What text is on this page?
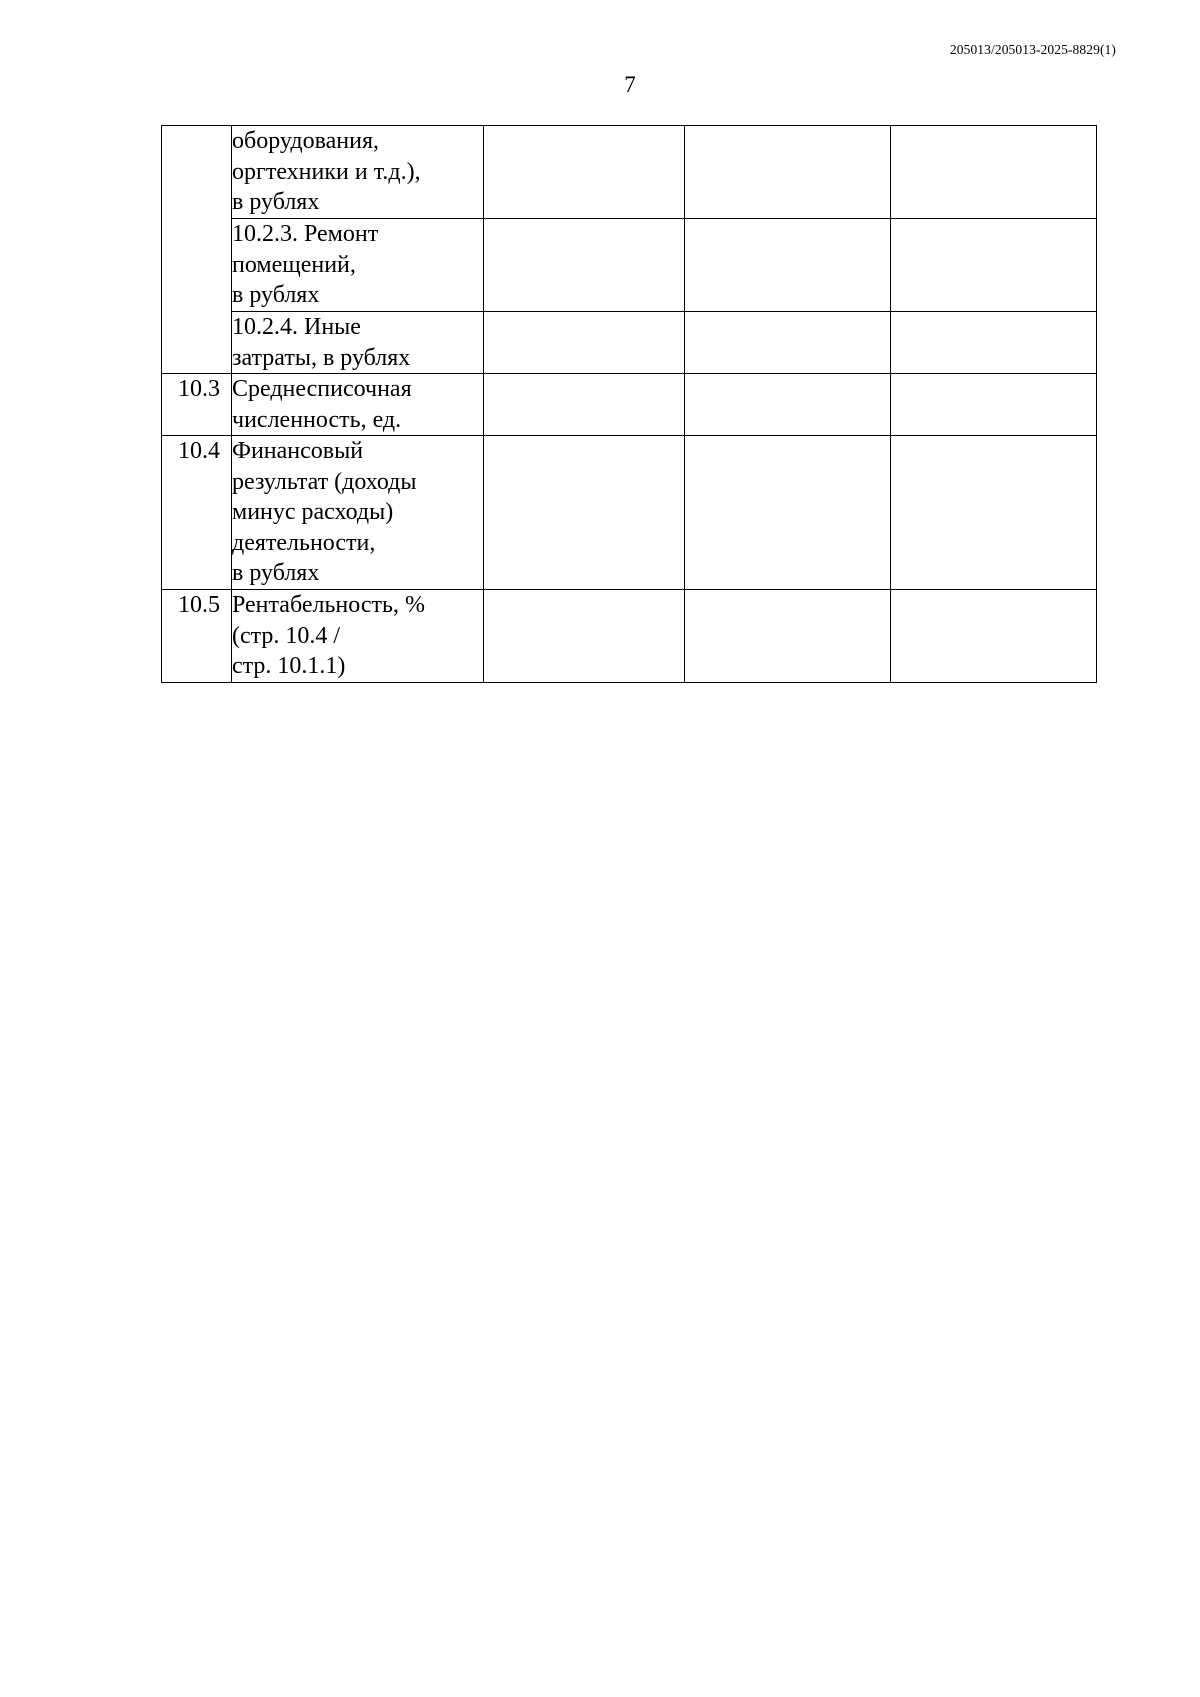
205013/205013-2025-8829(1)
7

	оборудования,
оргтехники и т.д.),
в рублях			

	10.2.3. Ремонт
помещений,
в рублях			

	10.2.4. Иные
затраты, в рублях			

10.3	Среднесписочная
численность, ед.			

10.4	Финансовый
результат (доходы
минус расходы)
деятельности,
в рублях			

10.5	Рентабельность, %
(стр. 10.4 /
стр. 10.1.1)			
